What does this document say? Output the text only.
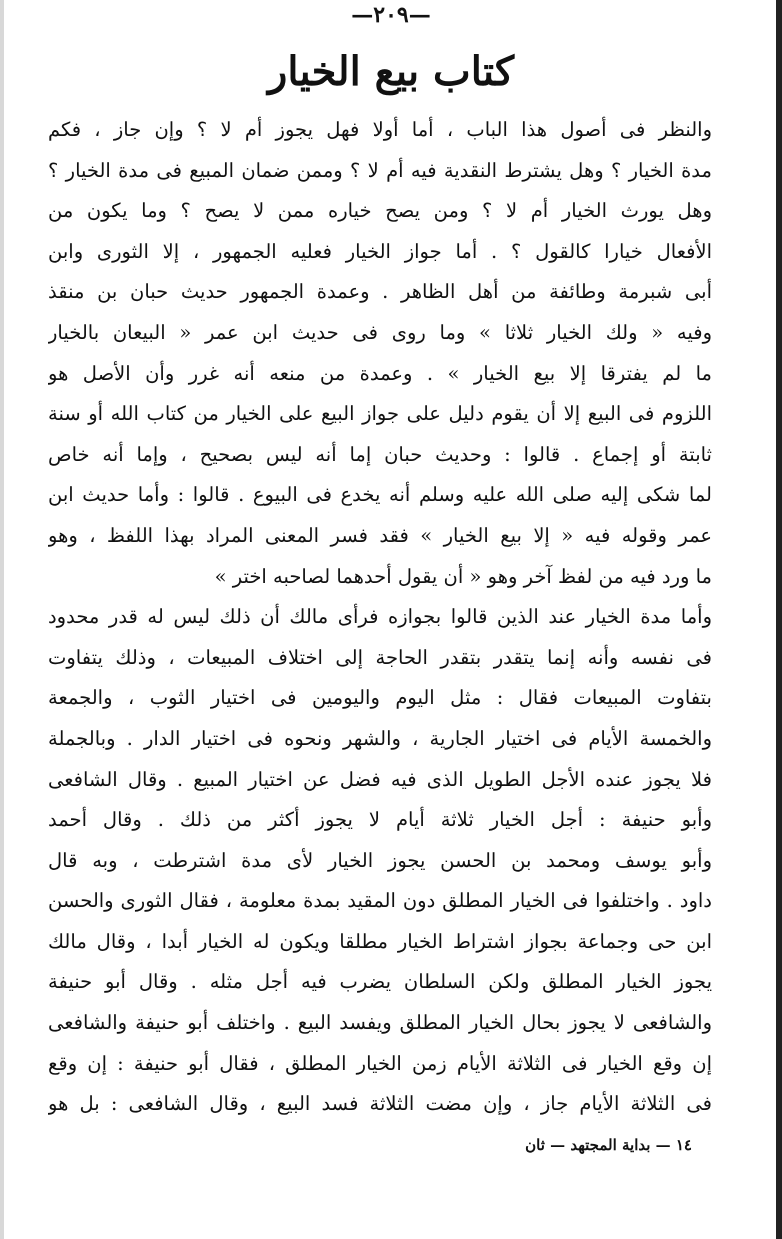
—٢٠٩—
كتاب بيع الخيار
والنظر فى أصول هذا الباب ، أما أولا فهل يجوز أم لا ؟ وإن جاز ، فكم
مدة الخيار ؟ وهل يشترط النقدية فيه أم لا ؟ وممن ضمان المبيع فى مدة الخيار ؟
وهل يورث الخيار أم لا ؟ ومن يصح خياره ممن لا يصح ؟ وما يكون من
الأفعال خيارا كالقول ؟ . أما جواز الخيار فعليه الجمهور ، إلا الثورى وابن
أبى شبرمة وطائفة من أهل الظاهر . وعمدة الجمهور حديث حبان بن منقذ
وفيه « ولك الخيار ثلاثا » وما روى فى حديث ابن عمر « البيعان بالخيار
ما لم يفترقا إلا بيع الخيار » . وعمدة من منعه أنه غرر وأن الأصل هو
اللزوم فى البيع إلا أن يقوم دليل على جواز البيع على الخيار من كتاب الله أو سنة
ثابتة أو إجماع . قالوا : وحديث حبان إما أنه ليس بصحيح ، وإما أنه خاص
لما شكى إليه صلى الله عليه وسلم أنه يخدع فى البيوع . قالوا : وأما حديث ابن
عمر وقوله فيه « إلا بيع الخيار » فقد فسر المعنى المراد بهذا اللفظ ، وهو
ما ورد فيه من لفظ آخر وهو « أن يقول أحدهما لصاحبه اختر »
وأما مدة الخيار عند الذين قالوا بجوازه فرأى مالك أن ذلك ليس له قدر محدود
فى نفسه وأنه إنما يتقدر بتقدر الحاجة إلى اختلاف المبيعات ، وذلك يتفاوت
بتفاوت المبيعات فقال : مثل اليوم واليومين فى اختيار الثوب ، والجمعة
والخمسة الأيام فى اختيار الجارية ، والشهر ونحوه فى اختيار الدار . وبالجملة
فلا يجوز عنده الأجل الطويل الذى فيه فضل عن اختيار المبيع . وقال الشافعى
وأبو حنيفة : أجل الخيار ثلاثة أيام لا يجوز أكثر من ذلك . وقال أحمد
وأبو يوسف ومحمد بن الحسن يجوز الخيار لأى مدة اشترطت ، وبه قال
داود . واختلفوا فى الخيار المطلق دون المقيد بمدة معلومة ، فقال الثورى والحسن
ابن حى وجماعة بجواز اشتراط الخيار مطلقا ويكون له الخيار أبدا ، وقال مالك
يجوز الخيار المطلق ولكن السلطان يضرب فيه أجل مثله . وقال أبو حنيفة
والشافعى لا يجوز بحال الخيار المطلق ويفسد البيع . واختلف أبو حنيفة والشافعى
إن وقع الخيار فى الثلاثة الأيام زمن الخيار المطلق ، فقال أبو حنيفة : إن وقع
فى الثلاثة الأيام جاز ، وإن مضت الثلاثة فسد البيع ، وقال الشافعى : بل هو
١٤ — بداية المجتهد — ثان
